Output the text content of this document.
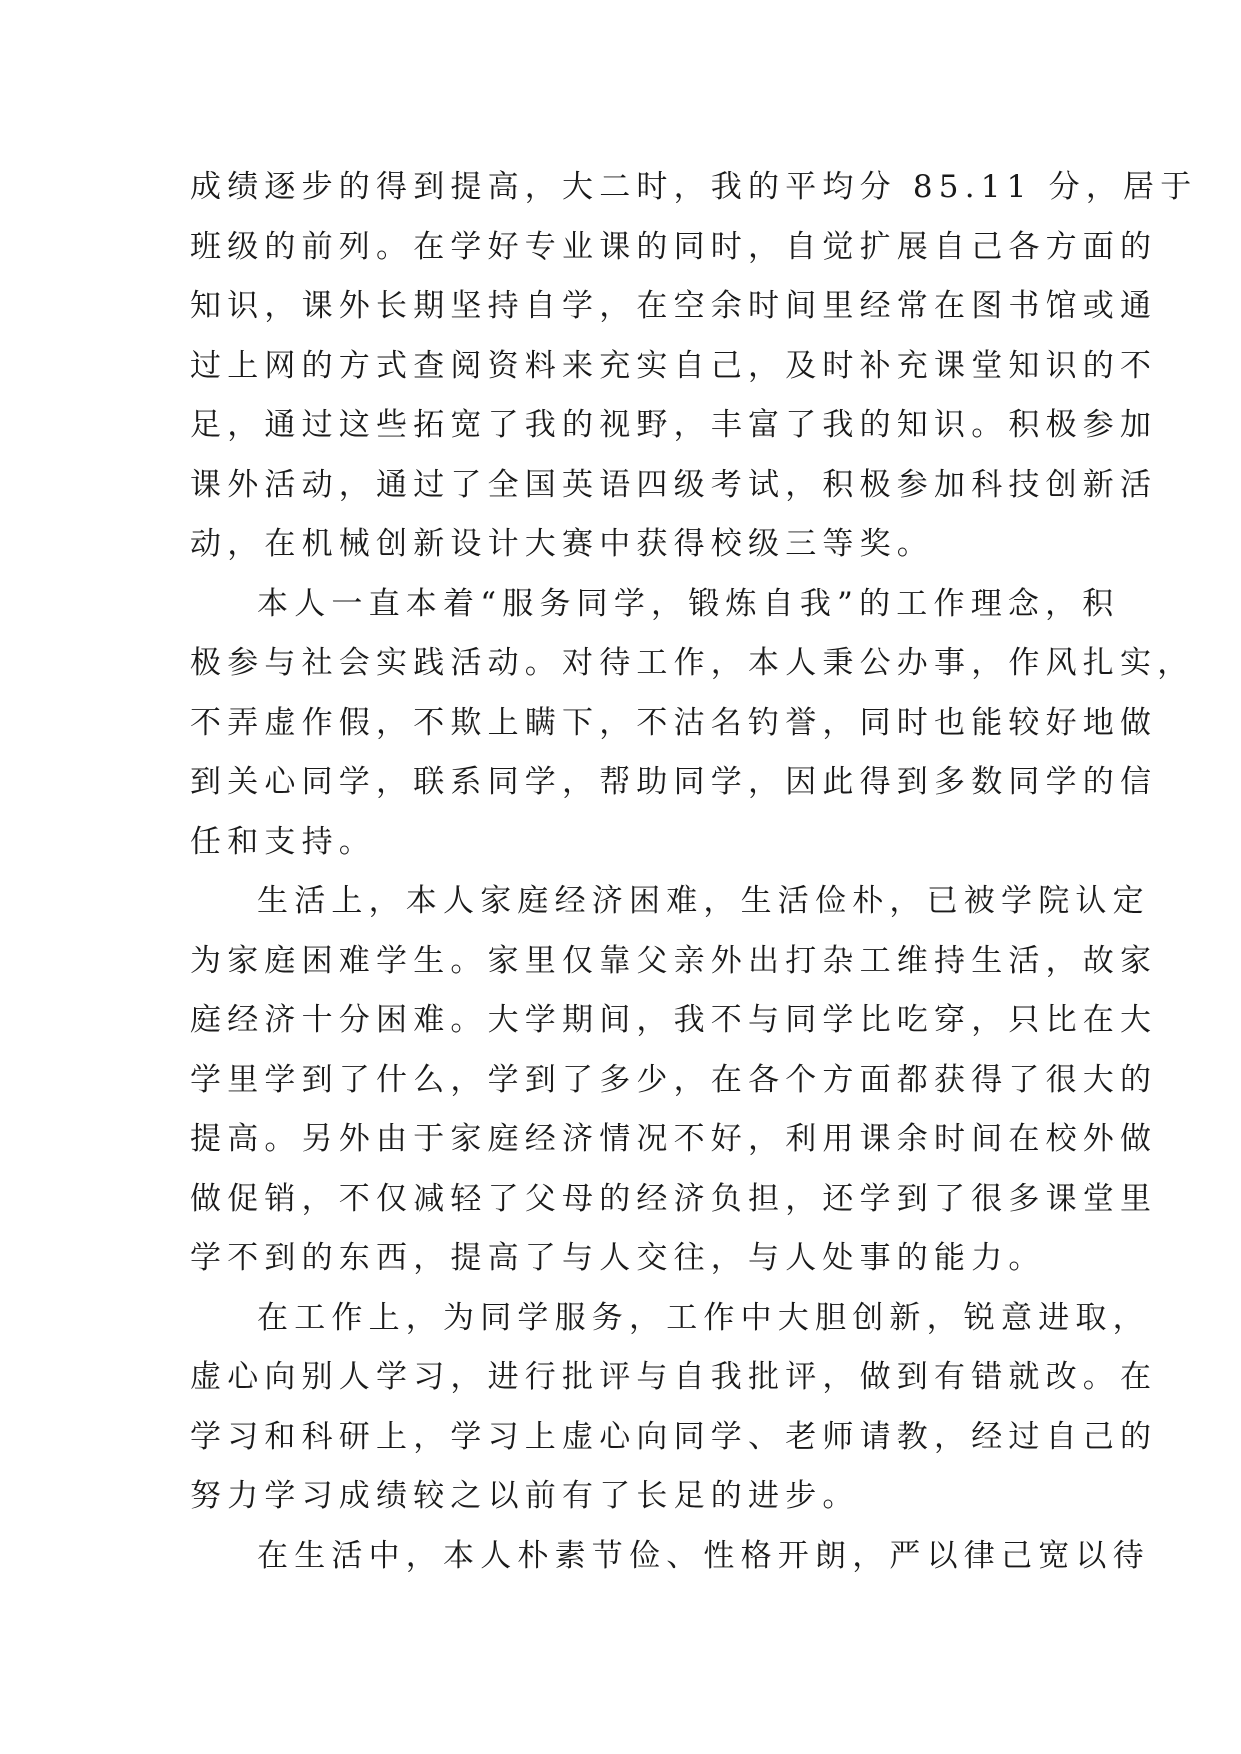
成绩逐步的得到提高，大二时，我的平均分 85.11 分，居于
班级的前列。在学好专业课的同时，自觉扩展自己各方面的
知识，课外长期坚持自学，在空余时间里经常在图书馆或通
过上网的方式查阅资料来充实自己，及时补充课堂知识的不
足，通过这些拓宽了我的视野，丰富了我的知识。积极参加
课外活动，通过了全国英语四级考试，积极参加科技创新活
动，在机械创新设计大赛中获得校级三等奖。
本人一直本着“服务同学，锻炼自我”的工作理念，积
极参与社会实践活动。对待工作，本人秉公办事，作风扎实，
不弄虚作假，不欺上瞒下，不沽名钓誉，同时也能较好地做
到关心同学，联系同学，帮助同学，因此得到多数同学的信
任和支持。
生活上，本人家庭经济困难，生活俭朴，已被学院认定
为家庭困难学生。家里仅靠父亲外出打杂工维持生活，故家
庭经济十分困难。大学期间，我不与同学比吃穿，只比在大
学里学到了什么，学到了多少，在各个方面都获得了很大的
提高。另外由于家庭经济情况不好，利用课余时间在校外做
做促销，不仅减轻了父母的经济负担，还学到了很多课堂里
学不到的东西，提高了与人交往，与人处事的能力。
在工作上，为同学服务，工作中大胆创新，锐意进取，
虚心向别人学习，进行批评与自我批评，做到有错就改。在
学习和科研上，学习上虚心向同学、老师请教，经过自己的
努力学习成绩较之以前有了长足的进步。
在生活中，本人朴素节俭、性格开朗，严以律己宽以待
